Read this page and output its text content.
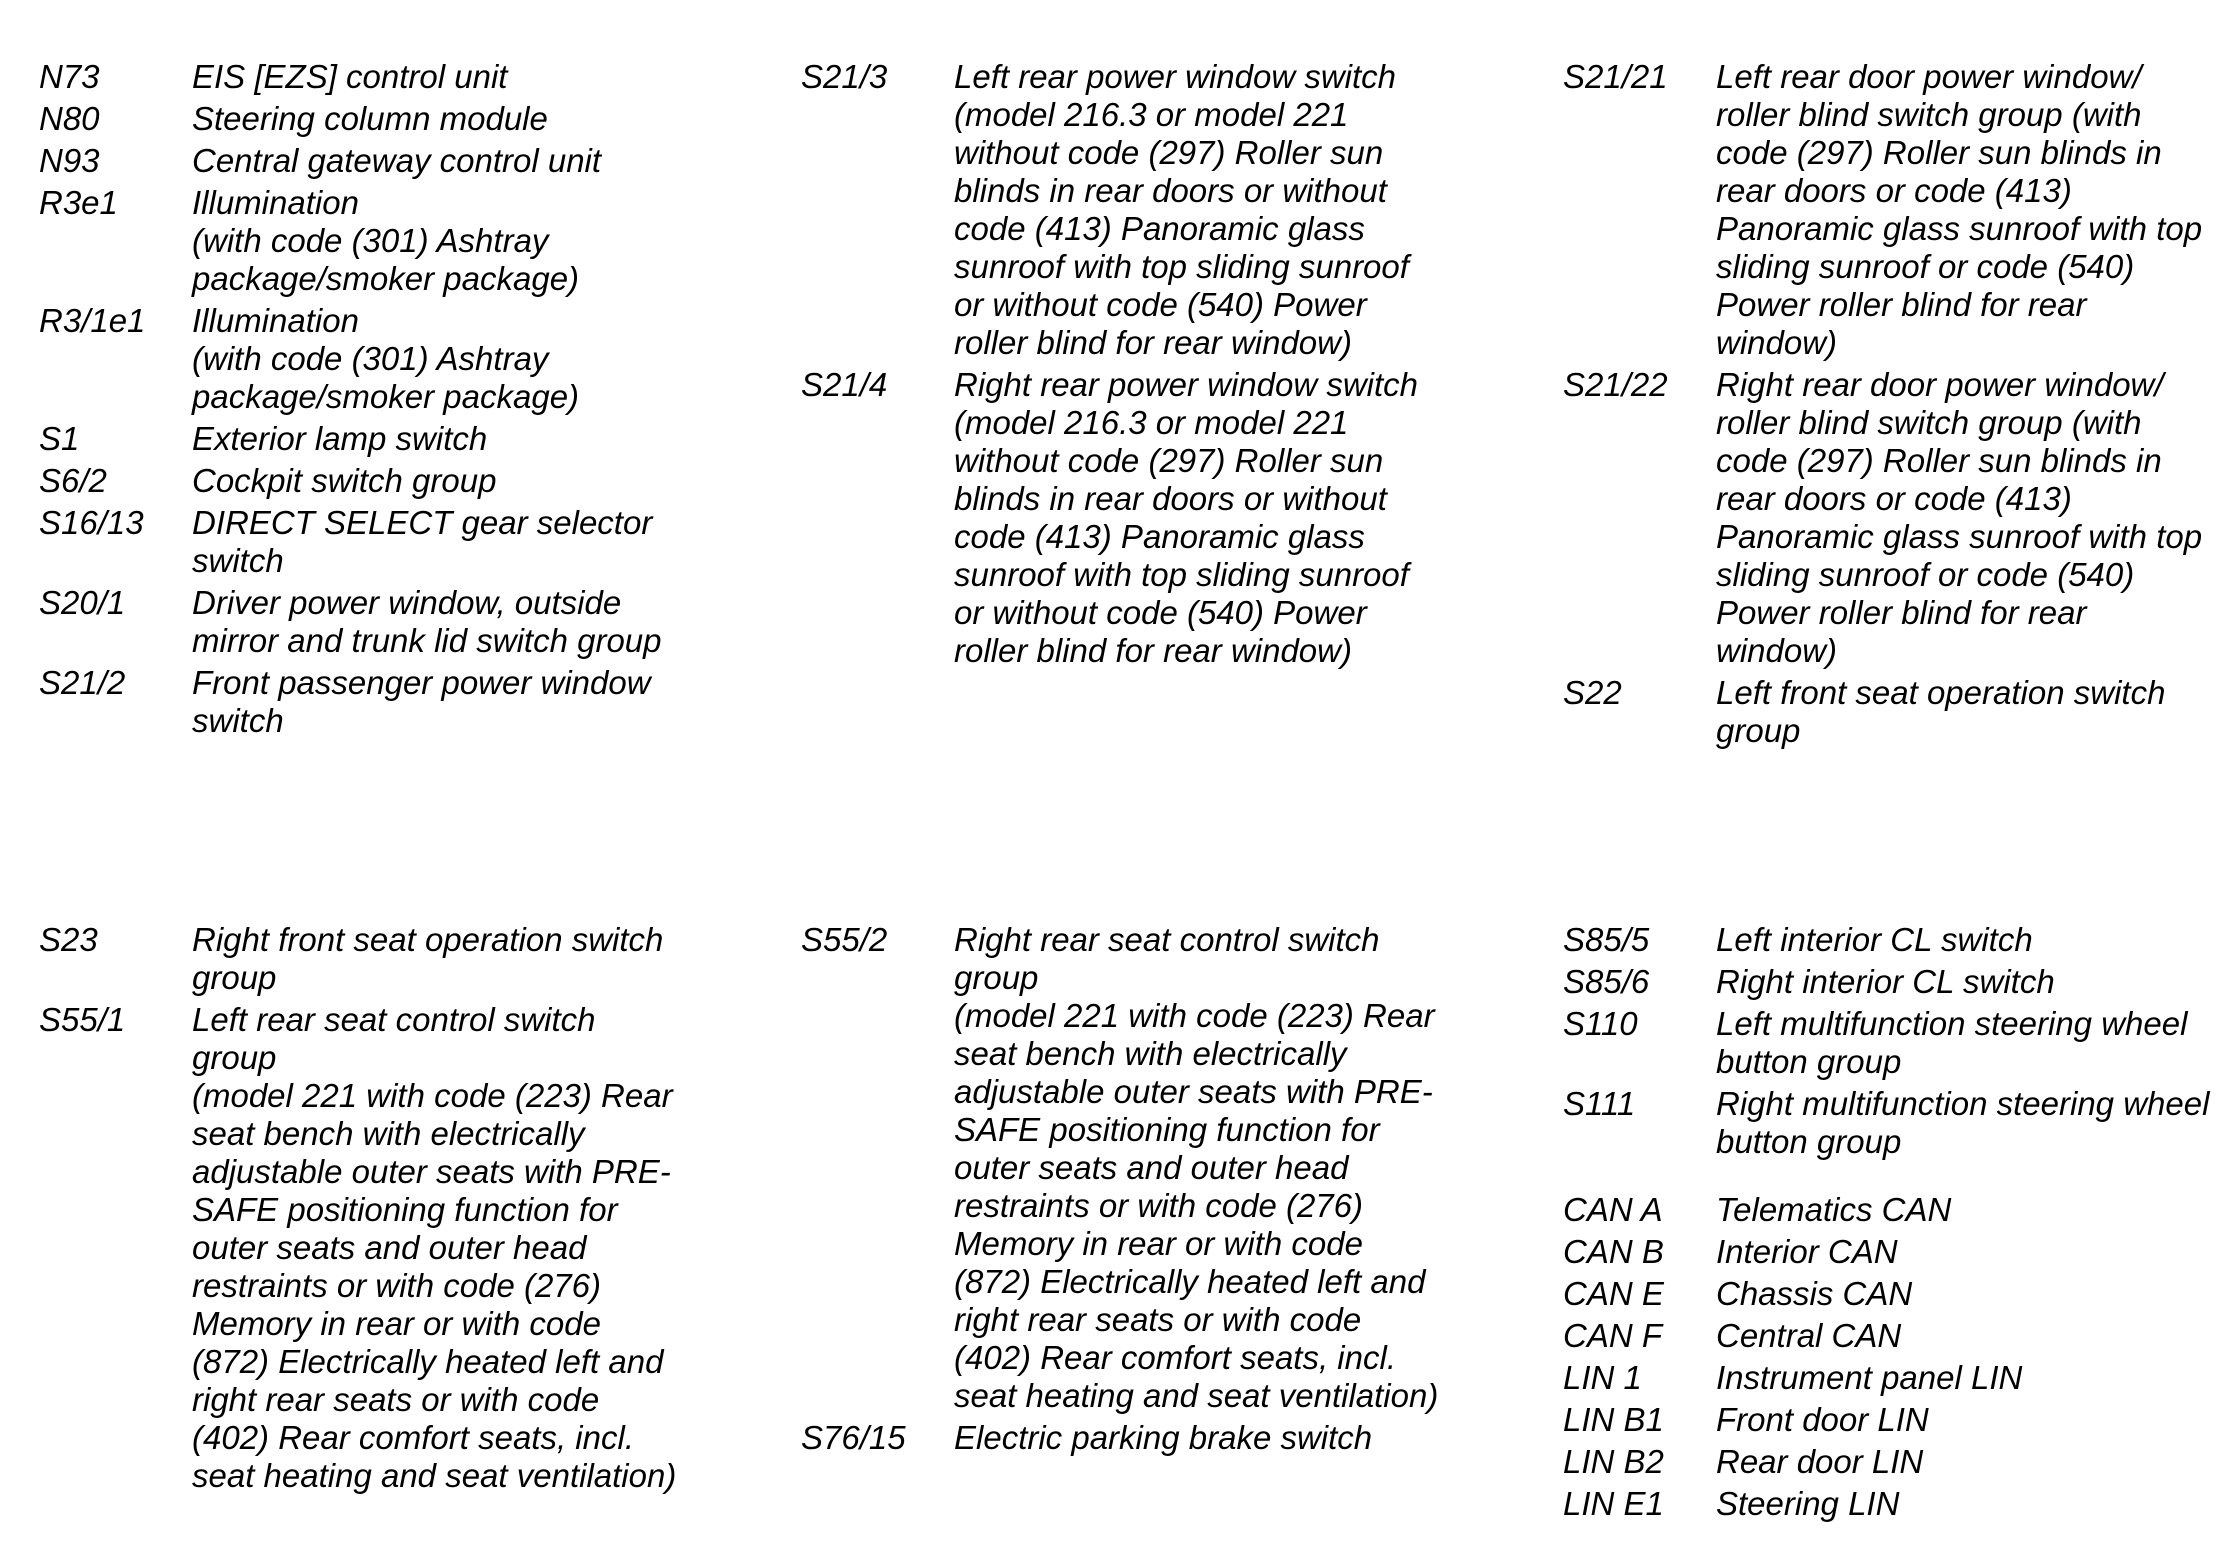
N73	EIS [EZS] control unit
N80	Steering column module
N93	Central gateway control unit
R3e1	Illumination
(with code (301) Ashtray
package/smoker package)
R3/1e1	Illumination
(with code (301) Ashtray
package/smoker package)
S1	Exterior lamp switch
S6/2	Cockpit switch group
S16/13	DIRECT SELECT gear selector
switch
S20/1	Driver power window, outside
mirror and trunk lid switch group
S21/2	Front passenger power window
switch
S21/3	Left rear power window switch
(model 216.3 or model 221
without code (297) Roller sun
blinds in rear doors or without
code (413) Panoramic glass
sunroof with top sliding sunroof
or without code (540) Power
roller blind for rear window)
S21/4	Right rear power window switch
(model 216.3 or model 221
without code (297) Roller sun
blinds in rear doors or without
code (413) Panoramic glass
sunroof with top sliding sunroof
or without code (540) Power
roller blind for rear window)
S21/21	Left rear door power window/
roller blind switch group (with
code (297) Roller sun blinds in
rear doors or code (413)
Panoramic glass sunroof with top
sliding sunroof or code (540)
Power roller blind for rear
window)
S21/22	Right rear door power window/
roller blind switch group (with
code (297) Roller sun blinds in
rear doors or code (413)
Panoramic glass sunroof with top
sliding sunroof or code (540)
Power roller blind for rear
window)
S22	Left front seat operation switch
group
S23	Right front seat operation switch
group
S55/1	Left rear seat control switch
group
(model 221 with code (223) Rear
seat bench with electrically
adjustable outer seats with PRE-
SAFE positioning function for
outer seats and outer head
restraints or with code (276)
Memory in rear or with code
(872) Electrically heated left and
right rear seats or with code
(402) Rear comfort seats, incl.
seat heating and seat ventilation)
S55/2	Right rear seat control switch
group
(model 221 with code (223) Rear
seat bench with electrically
adjustable outer seats with PRE-
SAFE positioning function for
outer seats and outer head
restraints or with code (276)
Memory in rear or with code
(872) Electrically heated left and
right rear seats or with code
(402) Rear comfort seats, incl.
seat heating and seat ventilation)
S76/15	Electric parking brake switch
S85/5	Left interior CL switch
S85/6	Right interior CL switch
S110	Left multifunction steering wheel
button group
S111	Right multifunction steering wheel
button group
CAN A	Telematics CAN
CAN B	Interior CAN
CAN E	Chassis CAN
CAN F	Central CAN
LIN 1	Instrument panel LIN
LIN B1	Front door LIN
LIN B2	Rear door LIN
LIN E1	Steering LIN
